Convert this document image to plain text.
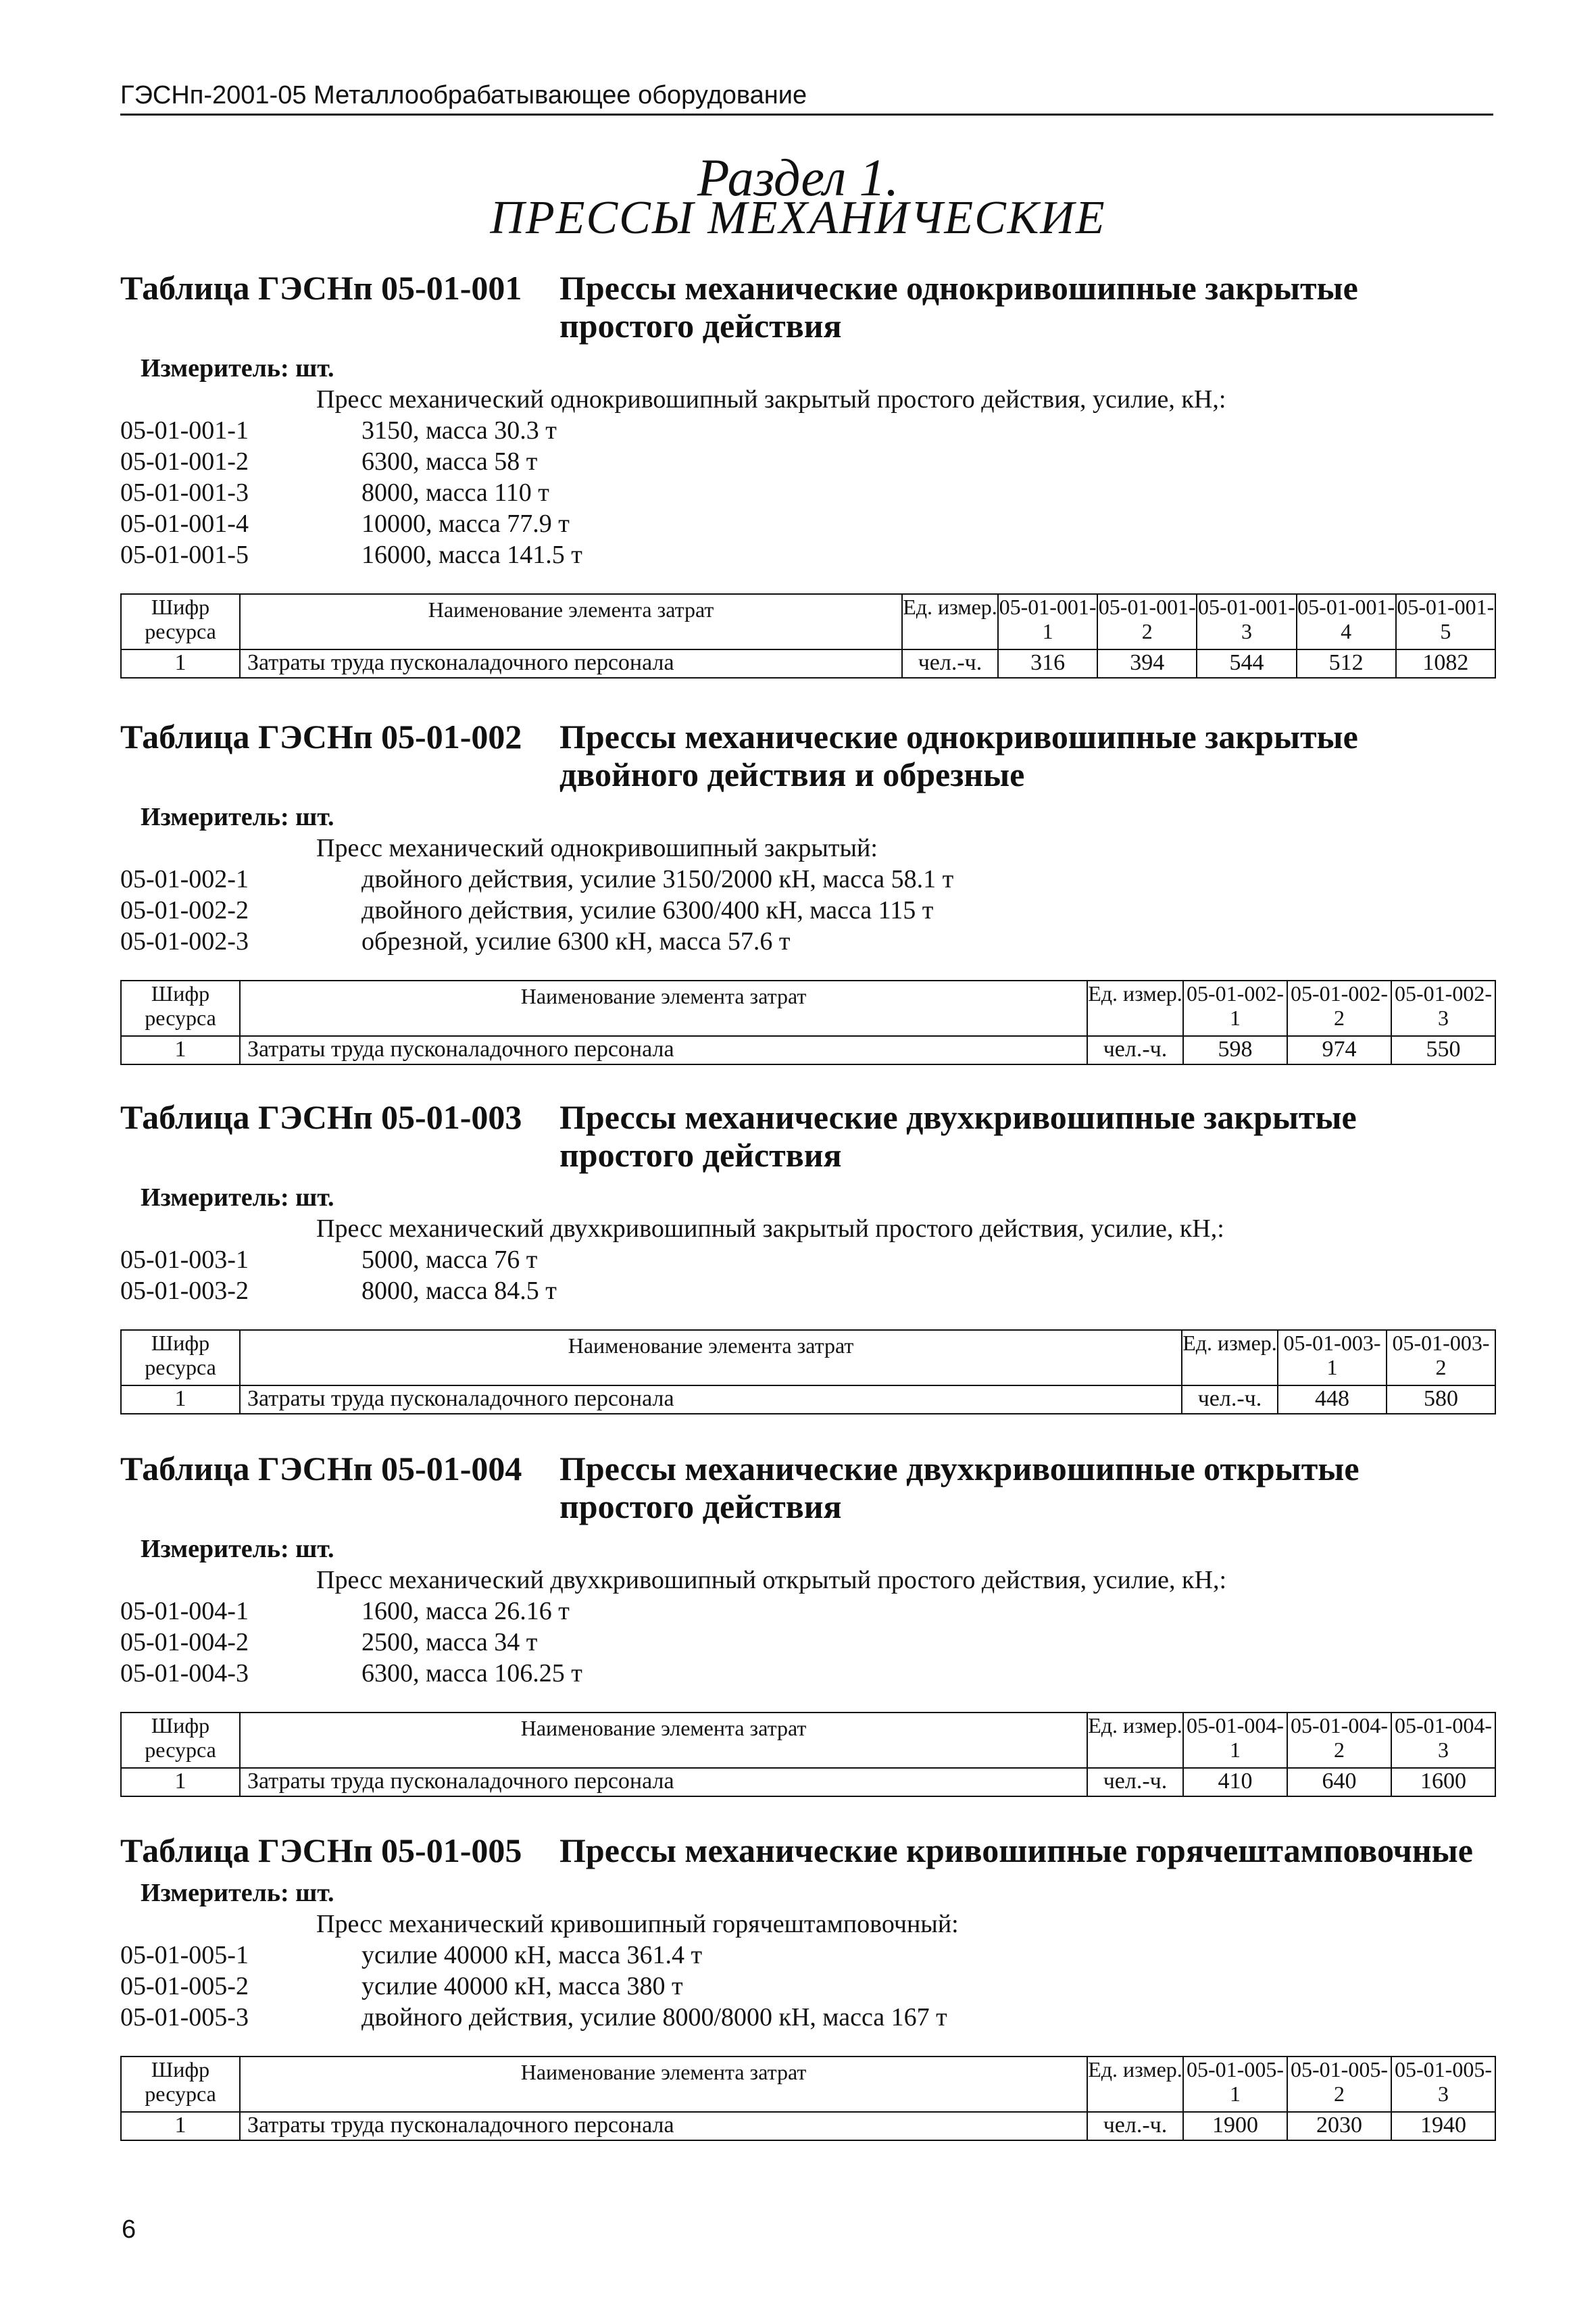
ГЭСНп-2001-05 Металлообрабатывающее оборудование
Раздел 1.
ПРЕССЫ МЕХАНИЧЕСКИЕ
Таблица ГЭСНп 05-01-001 Прессы механические однокривошипные закрытые простого действия
Измеритель: шт.
Пресс механический однокривошипный закрытый простого действия, усилие, кН,:
05-01-001-1	3150, масса 30.3 т
05-01-001-2	6300, масса 58 т
05-01-001-3	8000, масса 110 т
05-01-001-4	10000, масса 77.9 т
05-01-001-5	16000, масса 141.5 т
Шифр ресурса	Наименование элемента затрат	Ед. измер.	05-01-001-1	05-01-001-2	05-01-001-3	05-01-001-4	05-01-001-5
1	Затраты труда пусконаладочного персонала	чел.-ч.	316	394	544	512	1082
Таблица ГЭСНп 05-01-002 Прессы механические однокривошипные закрытые двойного действия и обрезные
Измеритель: шт.
Пресс механический однокривошипный закрытый:
05-01-002-1	двойного действия, усилие 3150/2000 кН, масса 58.1 т
05-01-002-2	двойного действия, усилие 6300/400 кН, масса 115 т
05-01-002-3	обрезной, усилие 6300 кН, масса 57.6 т
Шифр ресурса	Наименование элемента затрат	Ед. измер.	05-01-002-1	05-01-002-2	05-01-002-3
1	Затраты труда пусконаладочного персонала	чел.-ч.	598	974	550
Таблица ГЭСНп 05-01-003 Прессы механические двухкривошипные закрытые простого действия
Измеритель: шт.
Пресс механический двухкривошипный закрытый простого действия, усилие, кН,:
05-01-003-1	5000, масса 76 т
05-01-003-2	8000, масса 84.5 т
Шифр ресурса	Наименование элемента затрат	Ед. измер.	05-01-003-1	05-01-003-2
1	Затраты труда пусконаладочного персонала	чел.-ч.	448	580
Таблица ГЭСНп 05-01-004 Прессы механические двухкривошипные открытые простого действия
Измеритель: шт.
Пресс механический двухкривошипный открытый простого действия, усилие, кН,:
05-01-004-1	1600, масса 26.16 т
05-01-004-2	2500, масса 34 т
05-01-004-3	6300, масса 106.25 т
Шифр ресурса	Наименование элемента затрат	Ед. измер.	05-01-004-1	05-01-004-2	05-01-004-3
1	Затраты труда пусконаладочного персонала	чел.-ч.	410	640	1600
Таблица ГЭСНп 05-01-005 Прессы механические кривошипные горячештамповочные
Измеритель: шт.
Пресс механический кривошипный горячештамповочный:
05-01-005-1	усилие 40000 кН, масса 361.4 т
05-01-005-2	усилие 40000 кН, масса 380 т
05-01-005-3	двойного действия, усилие 8000/8000 кН, масса 167 т
Шифр ресурса	Наименование элемента затрат	Ед. измер.	05-01-005-1	05-01-005-2	05-01-005-3
1	Затраты труда пусконаладочного персонала	чел.-ч.	1900	2030	1940
6
